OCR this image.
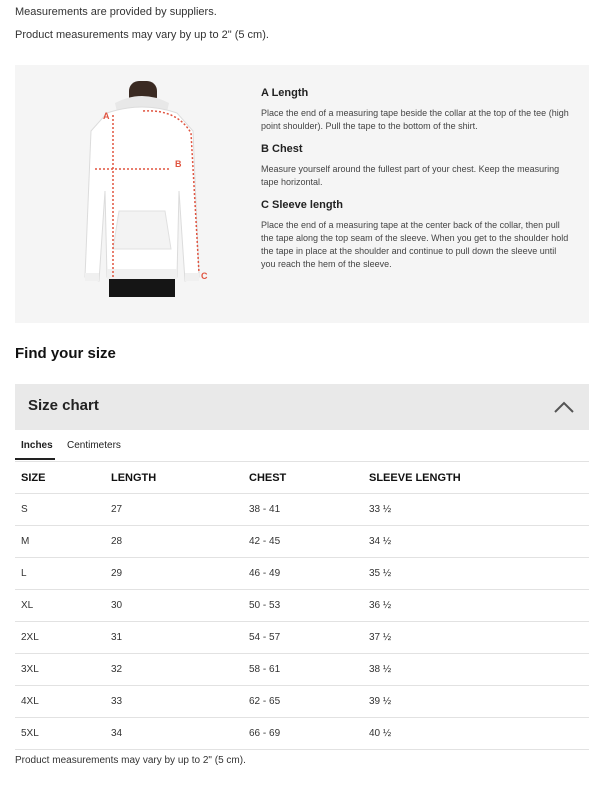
Measurements are provided by suppliers.

Product measurements may vary by up to 2" (5 cm).

A
B
C
A Length

Place the end of a measuring tape beside the collar at the top of the tee (high point shoulder). Pull the tape to the bottom of the shirt.

B Chest

Measure yourself around the fullest part of your chest. Keep the measuring tape horizontal.

C Sleeve length

Place the end of a measuring tape at the center back of the collar, then pull the tape along the top seam of the sleeve. When you get to the shoulder hold the tape in place at the shoulder and continue to pull down the sleeve until you reach the hem of the sleeve.

Find your size
Size chart
Inches Centimeters
SIZE	LENGTH	CHEST	SLEEVE LENGTH
S	27	38 - 41	33 ½
M	28	42 - 45	34 ½
L	29	46 - 49	35 ½
XL	30	50 - 53	36 ½
2XL	31	54 - 57	37 ½
3XL	32	58 - 61	38 ½
4XL	33	62 - 65	39 ½
5XL	34	66 - 69	40 ½

Product measurements may vary by up to 2" (5 cm).
